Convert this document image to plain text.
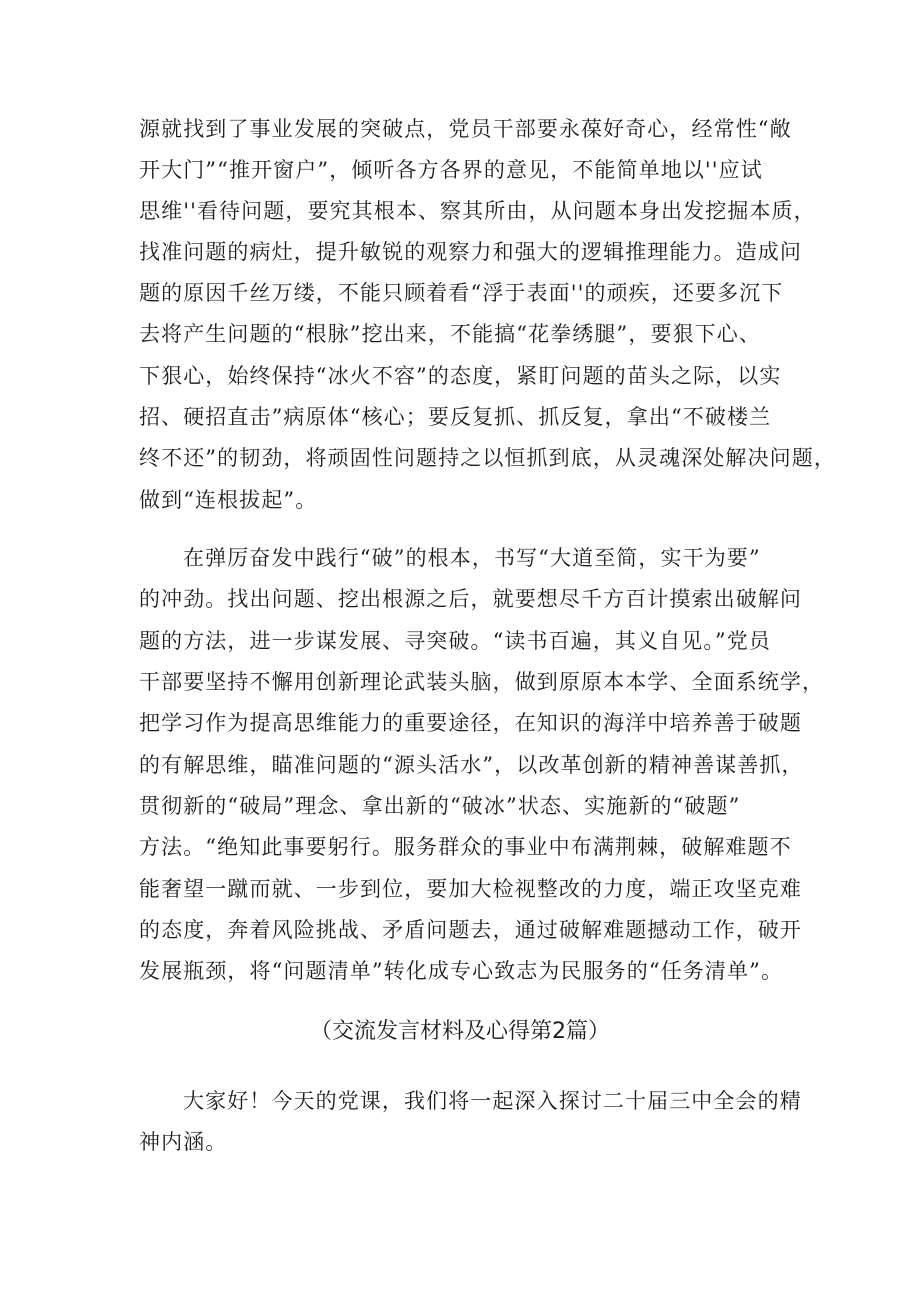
源就找到了事业发展的突破点，党员干部要永葆好奇心，经常性“敞
开大门”“推开窗户”，倾听各方各界的意见，不能简单地以''应试
思维''看待问题，要究其根本、察其所由，从问题本身出发挖掘本质，
找准问题的病灶，提升敏锐的观察力和强大的逻辑推理能力。造成问
题的原因千丝万缕，不能只顾着看“浮于表面''的顽疾，还要多沉下
去将产生问题的“根脉”挖出来，不能搞“花拳绣腿”，要狠下心、
下狠心，始终保持“冰火不容”的态度，紧盯问题的苗头之际，以实
招、硬招直击”病原体“核心；要反复抓、抓反复，拿出“不破楼兰
终不还”的韧劲，将顽固性问题持之以恒抓到底，从灵魂深处解决问题，
做到“连根拔起”。
在弹厉奋发中践行“破”的根本，书写“大道至简，实干为要”
的冲劲。找出问题、挖出根源之后，就要想尽千方百计摸索出破解问
题的方法，进一步谋发展、寻突破。“读书百遍，其义自见。”党员
干部要坚持不懈用创新理论武装头脑，做到原原本本学、全面系统学，
把学习作为提高思维能力的重要途径，在知识的海洋中培养善于破题
的有解思维，瞄准问题的“源头活水”，以改革创新的精神善谋善抓，
贯彻新的“破局”理念、拿出新的“破冰”状态、实施新的“破题”
方法。“绝知此事要躬行。服务群众的事业中布满荆棘，破解难题不
能奢望一蹴而就、一步到位，要加大检视整改的力度，端正攻坚克难
的态度，奔着风险挑战、矛盾问题去，通过破解难题撼动工作，破开
发展瓶颈，将“问题清单”转化成专心致志为民服务的“任务清单”。
（交流发言材料及心得第2篇）
大家好！今天的党课，我们将一起深入探讨二十届三中全会的精
神内涵。
